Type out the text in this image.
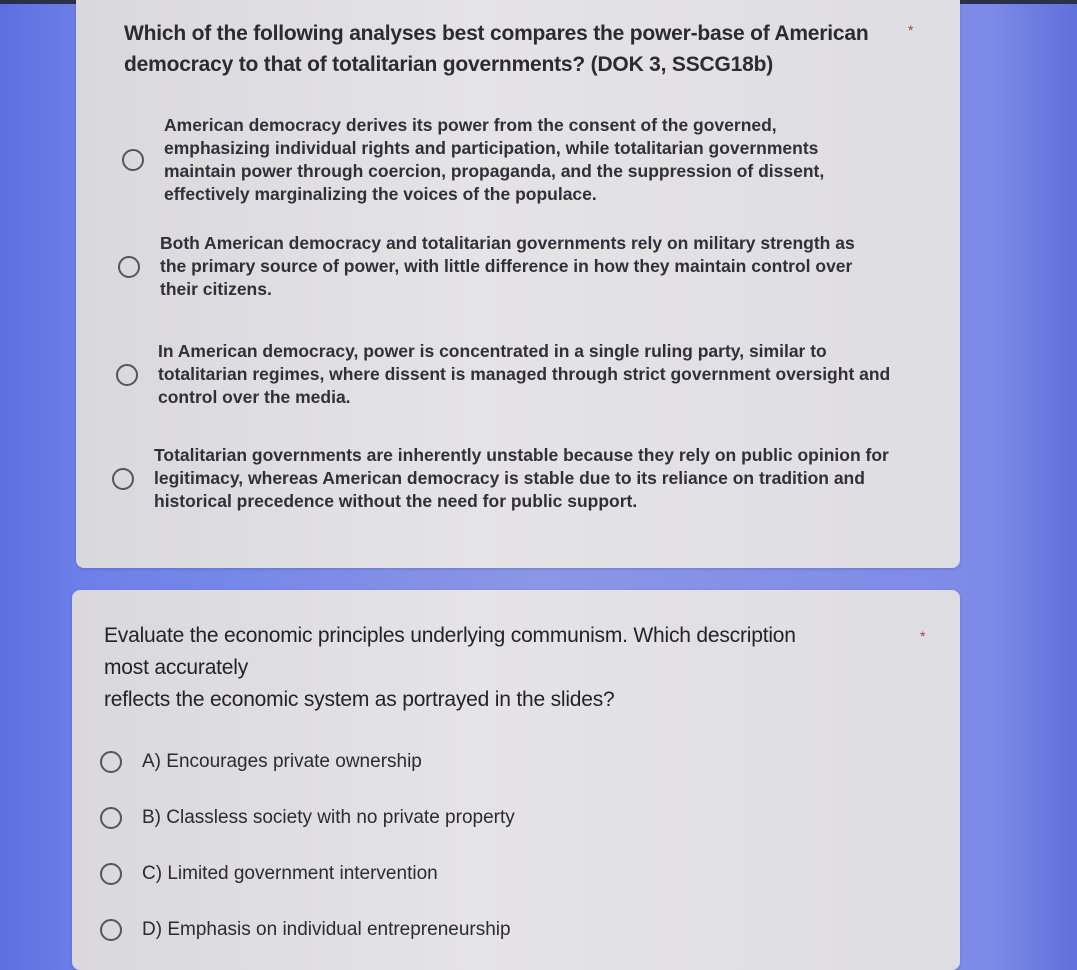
Which of the following analyses best compares the power-base of American democracy to that of totalitarian governments? (DOK 3, SSCG18b)
*
American democracy derives its power from the consent of the governed, emphasizing individual rights and participation, while totalitarian governments maintain power through coercion, propaganda, and the suppression of dissent, effectively marginalizing the voices of the populace.
Both American democracy and totalitarian governments rely on military strength as the primary source of power, with little difference in how they maintain control over their citizens.
In American democracy, power is concentrated in a single ruling party, similar to totalitarian regimes, where dissent is managed through strict government oversight and control over the media.
Totalitarian governments are inherently unstable because they rely on public opinion for legitimacy, whereas American democracy is stable due to its reliance on tradition and historical precedence without the need for public support.
Evaluate the economic principles underlying communism. Which description
most accurately
reflects the economic system as portrayed in the slides?
*
A) Encourages private ownership
B) Classless society with no private property
C) Limited government intervention
D) Emphasis on individual entrepreneurship
